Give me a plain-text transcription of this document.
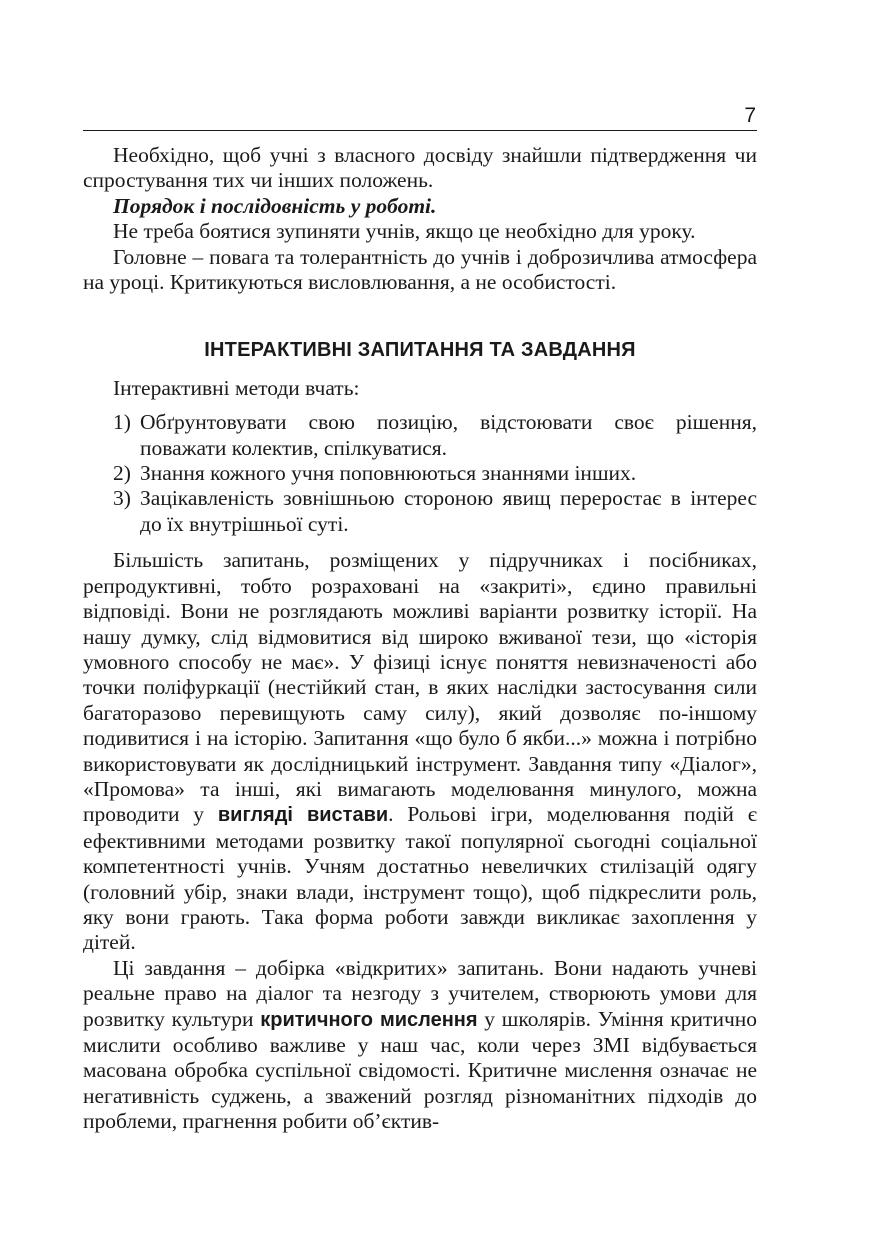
7

Необхідно, щоб учні з власного досвіду знайшли підтвердження чи спростування тих чи інших положень.

Порядок і послідовність у роботі.

Не треба боятися зупиняти учнів, якщо це необхідно для уроку.

Головне – повага та толерантність до учнів і доброзичлива атмосфера на уроці. Критикуються висловлювання, а не особистості.

ІНТЕРАКТИВНІ ЗАПИТАННЯ ТА ЗАВДАННЯ

Інтерактивні методи вчать:

1) Обґрунтовувати свою позицію, відстоювати своє рішення, поважати колектив, спілкуватися.
2) Знання кожного учня поповнюються знаннями інших.
3) Зацікавленість зовнішньою стороною явищ переростає в інтерес до їх внутрішньої суті.

Більшість запитань, розміщених у підручниках і посібниках, репродуктивні, тобто розраховані на «закриті», єдино правильні відповіді. Вони не розглядають можливі варіанти розвитку історії. На нашу думку, слід відмовитися від широко вживаної тези, що «історія умовного способу не має». У фізиці існує поняття невизначеності або точки поліфуркації (нестійкий стан, в яких наслідки застосування сили багаторазово перевищують саму силу), який дозволяє по-іншому подивитися і на історію. Запитання «що було б якби...» можна і потрібно використовувати як дослідницький інструмент. Завдання типу «Діалог», «Промова» та інші, які вимагають моделювання минулого, можна проводити у вигляді вистави. Рольові ігри, моделювання подій є ефективними методами розвитку такої популярної сьогодні соціальної компетентності учнів. Учням достатньо невеличких стилізацій одягу (головний убір, знаки влади, інструмент тощо), щоб підкреслити роль, яку вони грають. Така форма роботи завжди викликає захоплення у дітей.

Ці завдання – добірка «відкритих» запитань. Вони надають учневі реальне право на діалог та незгоду з учителем, створюють умови для розвитку культури критичного мислення у школярів. Уміння критично мислити особливо важливе у наш час, коли через ЗМІ відбувається масована обробка суспільної свідомості. Критичне мислення означає не негативність суджень, а зважений розгляд різноманітних підходів до проблеми, прагнення робити об’єктив-
